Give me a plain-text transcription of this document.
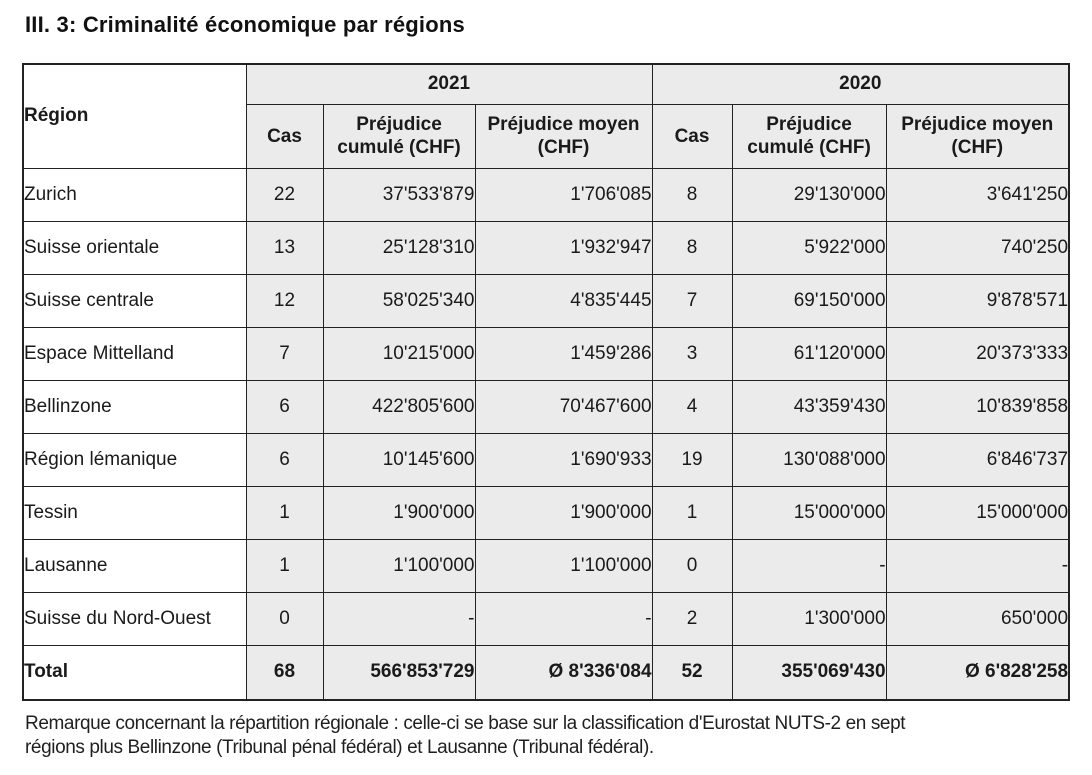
III. 3: Criminalité économique par régions
Région	2021			2020		
	Cas	Préjudice cumulé (CHF)	Préjudice moyen (CHF)	Cas	Préjudice cumulé (CHF)	Préjudice moyen (CHF)
Zurich	22	37'533'879	1'706'085	8	29'130'000	3'641'250
Suisse orientale	13	25'128'310	1'932'947	8	5'922'000	740'250
Suisse centrale	12	58'025'340	4'835'445	7	69'150'000	9'878'571
Espace Mittelland	7	10'215'000	1'459'286	3	61'120'000	20'373'333
Bellinzone	6	422'805'600	70'467'600	4	43'359'430	10'839'858
Région lémanique	6	10'145'600	1'690'933	19	130'088'000	6'846'737
Tessin	1	1'900'000	1'900'000	1	15'000'000	15'000'000
Lausanne	1	1'100'000	1'100'000	0	-	-
Suisse du Nord-Ouest	0	-	-	2	1'300'000	650'000
Total	68	566'853'729	Ø 8'336'084	52	355'069'430	Ø 6'828'258
Remarque concernant la répartition régionale : celle-ci se base sur la classification d'Eurostat NUTS-2 en sept
régions plus Bellinzone (Tribunal pénal fédéral) et Lausanne (Tribunal fédéral).
